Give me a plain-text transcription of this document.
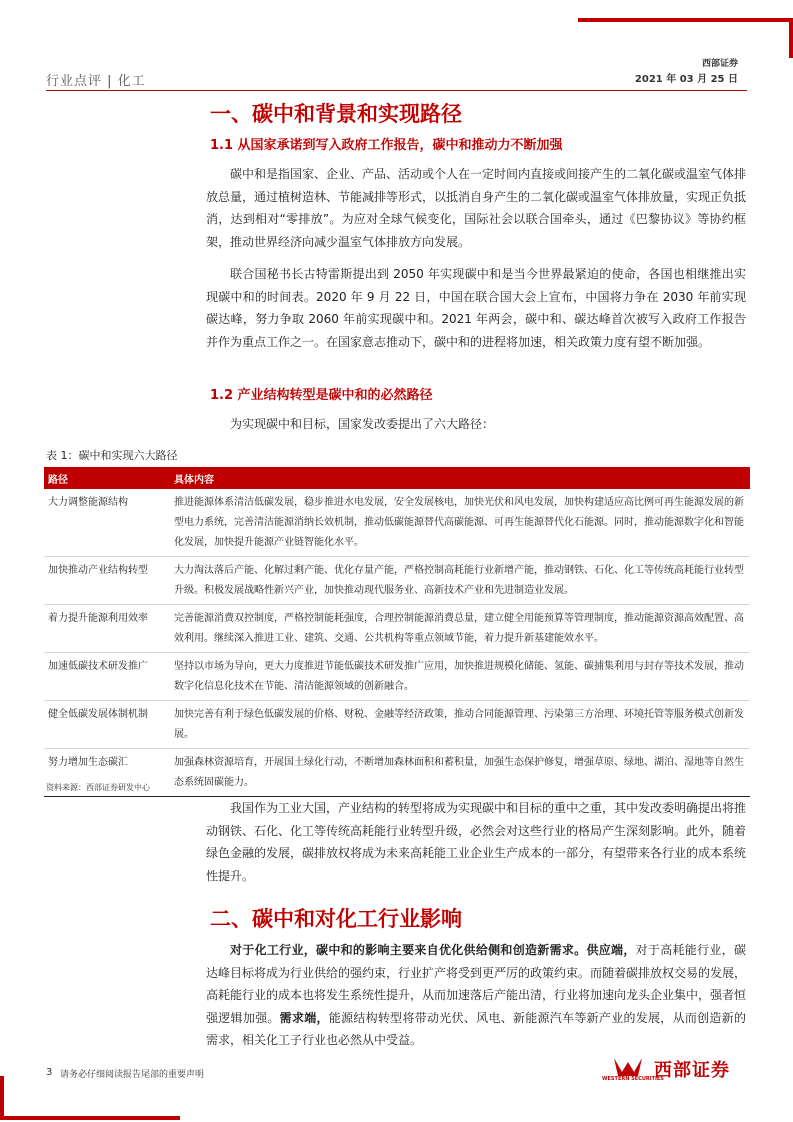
行业点评 | 化工
西部证券
2021 年 03 月 25 日
一、碳中和背景和实现路径
1.1 从国家承诺到写入政府工作报告，碳中和推动力不断加强

碳中和是指国家、企业、产品、活动或个人在一定时间内直接或间接产生的二氧化碳或温室气体排放总量，通过植树造林、节能减排等形式，以抵消自身产生的二氧化碳或温室气体排放量，实现正负抵消，达到相对“零排放”。为应对全球气候变化，国际社会以联合国牵头，通过《巴黎协议》等协约框架，推动世界经济向减少温室气体排放方向发展。

联合国秘书长古特雷斯提出到 2050 年实现碳中和是当今世界最紧迫的使命，各国也相继推出实现碳中和的时间表。2020 年 9 月 22 日，中国在联合国大会上宣布，中国将力争在 2030 年前实现碳达峰，努力争取 2060 年前实现碳中和。2021 年两会，碳中和、碳达峰首次被写入政府工作报告并作为重点工作之一。在国家意志推动下，碳中和的进程将加速，相关政策力度有望不断加强。

1.2 产业结构转型是碳中和的必然路径

为实现碳中和目标，国家发改委提出了六大路径：

表 1：碳中和实现六大路径
路径	具体内容
大力调整能源结构	推进能源体系清洁低碳发展，稳步推进水电发展，安全发展核电，加快光伏和风电发展，加快构建适应高比例可再生能源发展的新型电力系统，完善清洁能源消纳长效机制，推动低碳能源替代高碳能源、可再生能源替代化石能源。同时，推动能源数字化和智能化发展，加快提升能源产业链智能化水平。
加快推动产业结构转型	大力淘汰落后产能、化解过剩产能、优化存量产能，严格控制高耗能行业新增产能，推动钢铁、石化、化工等传统高耗能行业转型升级。积极发展战略性新兴产业，加快推动现代服务业、高新技术产业和先进制造业发展。
着力提升能源利用效率	完善能源消费双控制度，严格控制能耗强度，合理控制能源消费总量，建立健全用能预算等管理制度，推动能源资源高效配置、高效利用。继续深入推进工业、建筑、交通、公共机构等重点领域节能，着力提升新基建能效水平。
加速低碳技术研发推广	坚持以市场为导向，更大力度推进节能低碳技术研发推广应用，加快推进规模化储能、氢能、碳捕集利用与封存等技术发展，推动数字化信息化技术在节能、清洁能源领域的创新融合。
健全低碳发展体制机制	加快完善有利于绿色低碳发展的价格、财税、金融等经济政策，推动合同能源管理、污染第三方治理、环境托管等服务模式创新发展。
努力增加生态碳汇	加强森林资源培育，开展国土绿化行动，不断增加森林面积和蓄积量，加强生态保护修复，增强草原、绿地、湖泊、湿地等自然生态系统固碳能力。
资料来源：西部证券研发中心

我国作为工业大国，产业结构的转型将成为实现碳中和目标的重中之重，其中发改委明确提出将推动钢铁、石化、化工等传统高耗能行业转型升级，必然会对这些行业的格局产生深刻影响。此外，随着绿色金融的发展，碳排放权将成为未来高耗能工业企业生产成本的一部分，有望带来各行业的成本系统性提升。

二、碳中和对化工行业影响

对于化工行业，碳中和的影响主要来自优化供给侧和创造新需求。供应端，对于高耗能行业，碳达峰目标将成为行业供给的强约束，行业扩产将受到更严厉的政策约束。而随着碳排放权交易的发展，高耗能行业的成本也将发生系统性提升，从而加速落后产能出清，行业将加速向龙头企业集中，强者恒强逻辑加强。需求端，能源结构转型将带动光伏、风电、新能源汽车等新产业的发展，从而创造新的需求，相关化工子行业也必然从中受益。

3 请务必仔细阅读报告尾部的重要声明	WESTERN SECURITIES
西部证券
